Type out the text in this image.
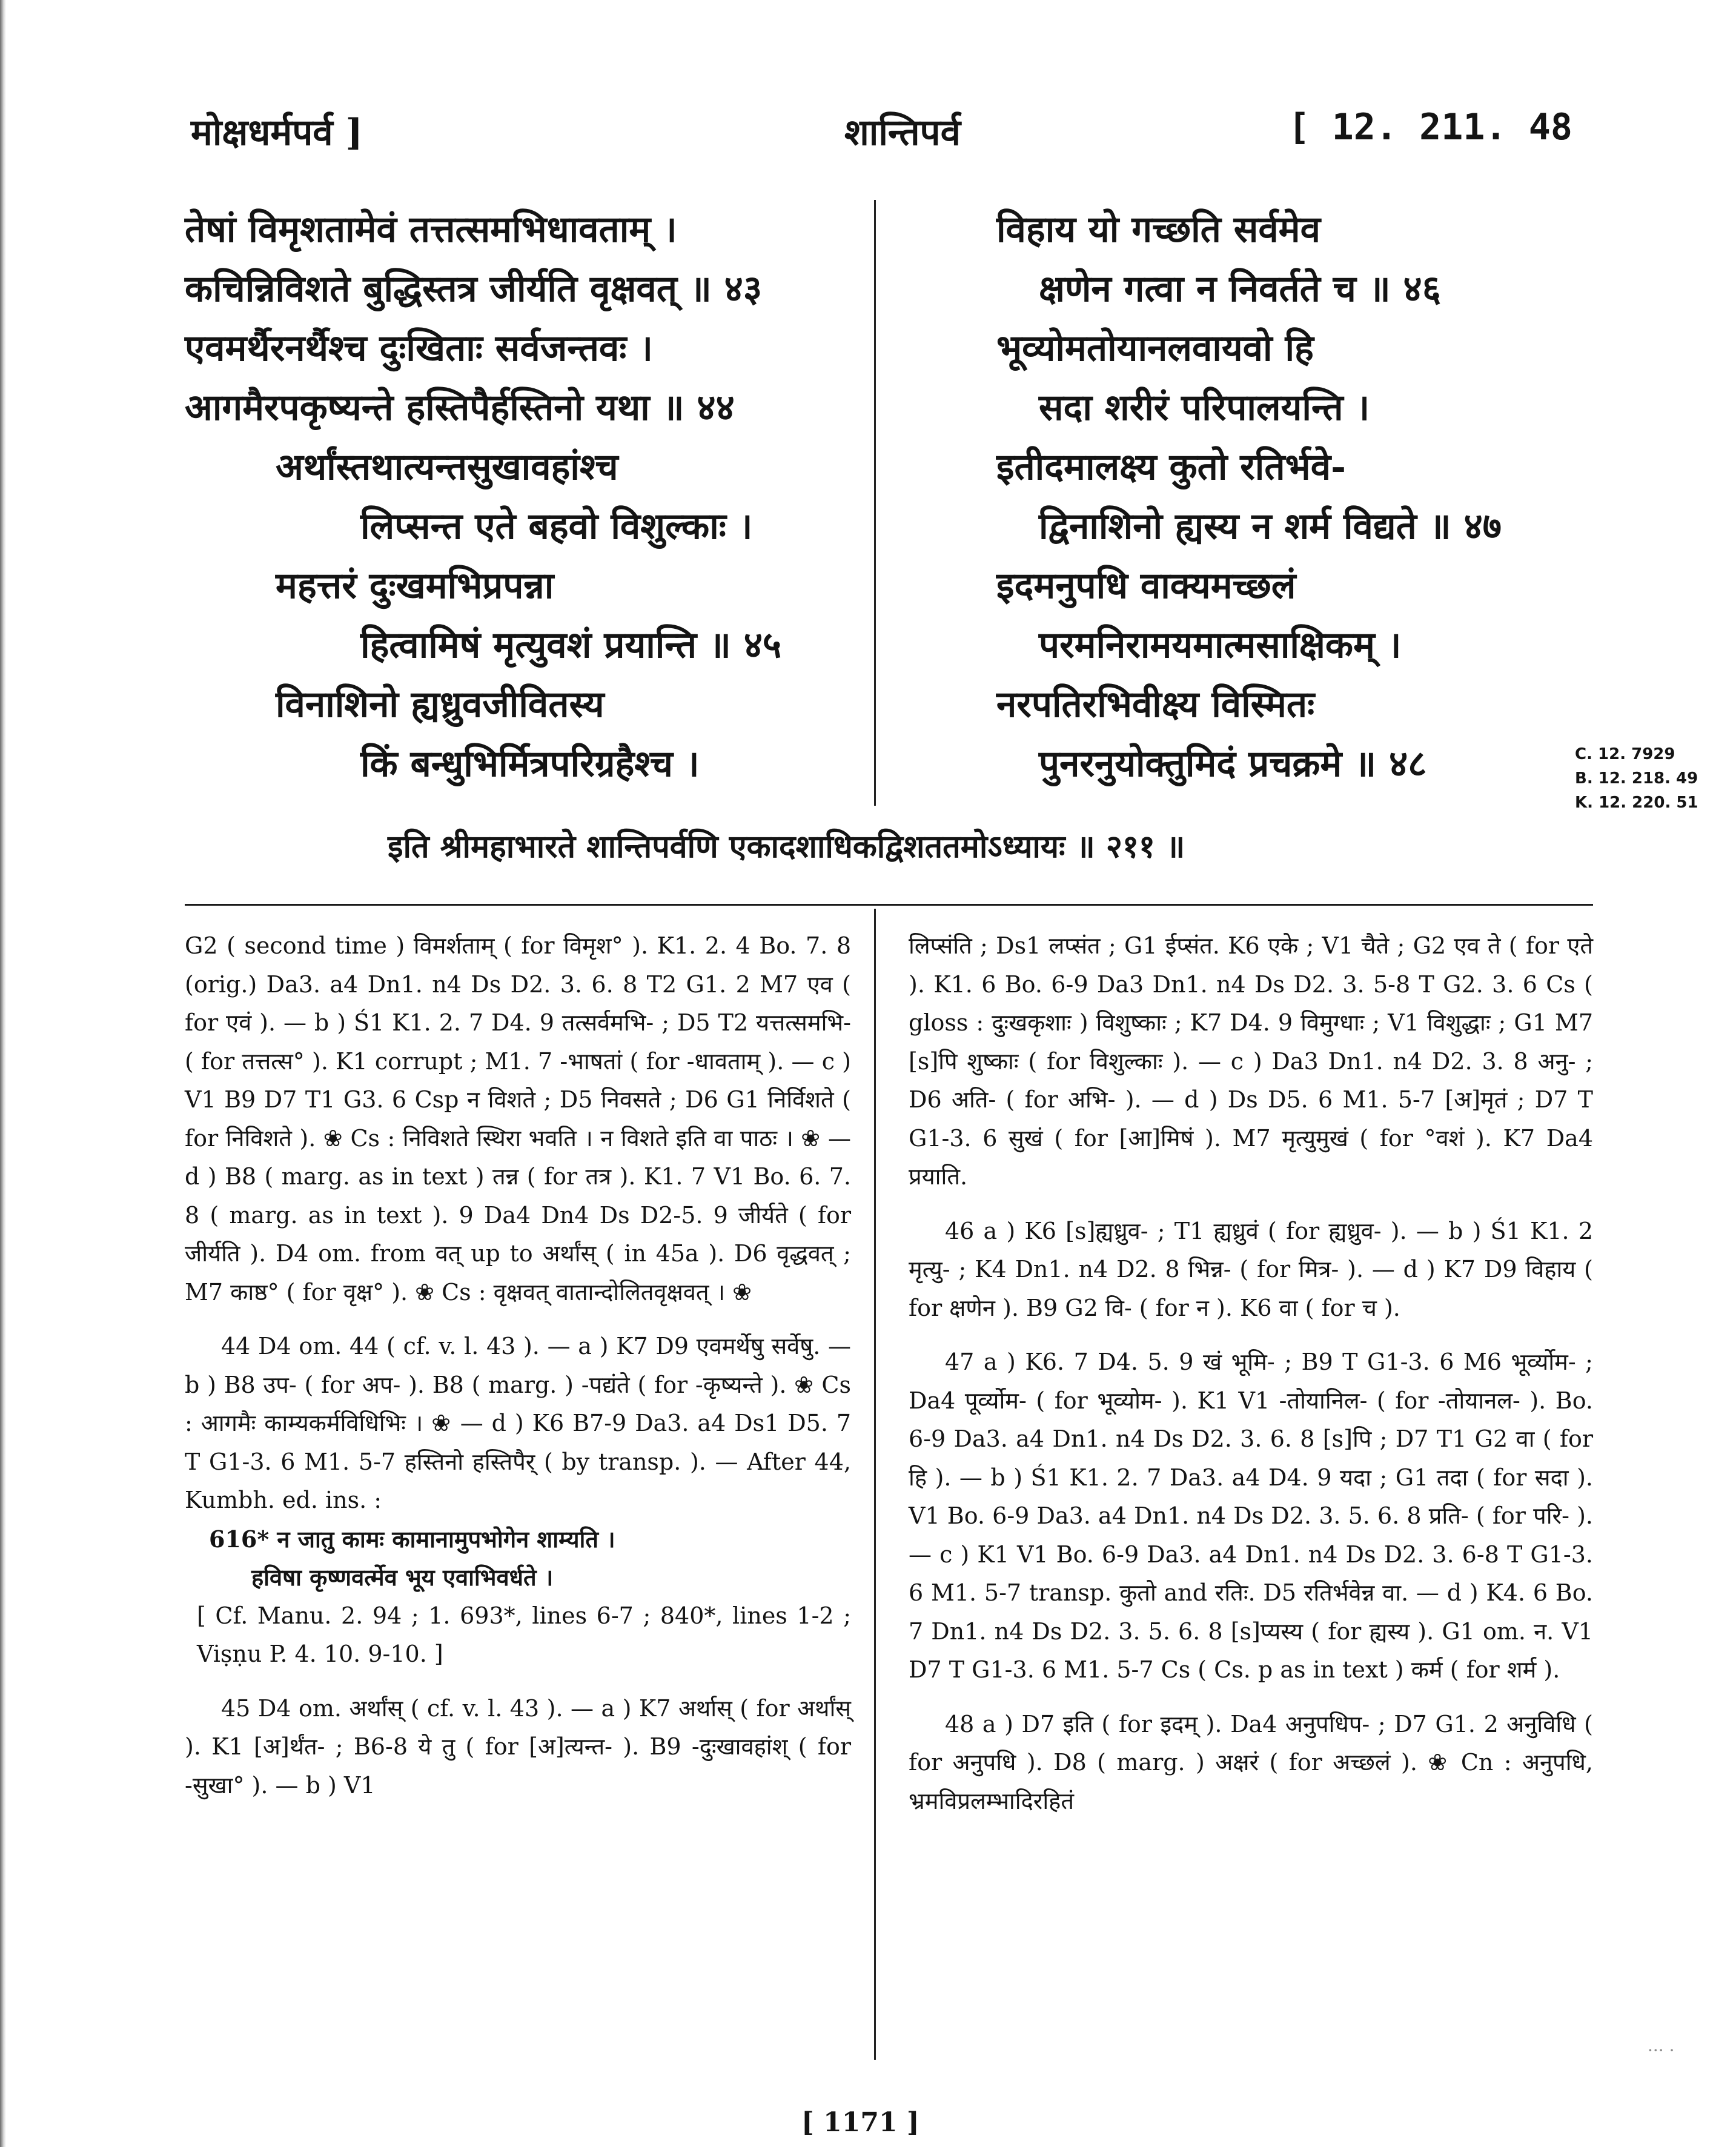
मोक्षधर्मपर्व ]	शान्तिपर्व	[ 12. 211. 48
तेषां विमृशतामेवं तत्तत्समभिधावताम् ।
कचिन्निविशते बुद्धिस्तत्र जीर्यति वृक्षवत् ॥ ४३
एवमर्थैरनर्थैश्च दुःखिताः सर्वजन्तवः ।
आगमैरपकृष्यन्ते हस्तिपैर्हस्तिनो यथा ॥ ४४
अर्थांस्तथात्यन्तसुखावहांश्च
लिप्सन्त एते बहवो विशुल्काः ।
महत्तरं दुःखमभिप्रपन्ना
हित्वामिषं मृत्युवशं प्रयान्ति ॥ ४५
विनाशिनो ह्यध्रुवजीवितस्य
किं बन्धुभिर्मित्रपरिग्रहैश्च ।
विहाय यो गच्छति सर्वमेव
क्षणेन गत्वा न निवर्तते च ॥ ४६
भूव्योमतोयानलवायवो हि
सदा शरीरं परिपालयन्ति ।
इतीदमालक्ष्य कुतो रतिर्भवे-
द्विनाशिनो ह्यस्य न शर्म विद्यते ॥ ४७
इदमनुपधि वाक्यमच्छलं
परमनिरामयमात्मसाक्षिकम् ।
नरपतिरभिवीक्ष्य विस्मितः
पुनरनुयोक्तुमिदं प्रचक्रमे ॥ ४८	C. 12. 7929
B. 12. 218. 49
K. 12. 220. 51
इति श्रीमहाभारते शान्तिपर्वणि एकादशाधिकद्विशततमोऽध्यायः ॥ २११ ॥
G2 ( second time ) विमर्शताम् ( for विमृश° ). K1. 2. 4 Bo. 7. 8 (orig.) Da3. a4 Dn1. n4 Ds D2. 3. 6. 8 T2 G1. 2 M7 एव ( for एवं ). — b ) Ś1 K1. 2. 7 D4. 9 तत्सर्वमभि- ; D5 T2 यत्तत्समभि- ( for तत्तत्स° ). K1 corrupt ; M1. 7 -भाषतां ( for -धावताम् ). — c ) V1 B9 D7 T1 G3. 6 Csp न विशते ; D5 निवसते ; D6 G1 निर्विशते ( for निविशते ). ❀ Cs : निविशते स्थिरा भवति । न विशते इति वा पाठः । ❀ — d ) B8 ( marg. as in text ) तन्न ( for तत्र ). K1. 7 V1 Bo. 6. 7. 8 ( marg. as in text ). 9 Da4 Dn4 Ds D2-5. 9 जीर्यते ( for जीर्यति ). D4 om. from वत् up to अर्थांस् ( in 45a ). D6 वृद्धवत् ; M7 काष्ठ° ( for वृक्ष° ). ❀ Cs : वृक्षवत् वातान्दोलितवृक्षवत् । ❀
44 D4 om. 44 ( cf. v. l. 43 ). — a ) K7 D9 एवमर्थेषु सर्वेषु. — b ) B8 उप- ( for अप- ). B8 ( marg. ) -पद्यंते ( for -कृष्यन्ते ). ❀ Cs : आगमैः काम्यकर्मविधिभिः । ❀ — d ) K6 B7-9 Da3. a4 Ds1 D5. 7 T G1-3. 6 M1. 5-7 हस्तिनो हस्तिपैर् ( by transp. ). — After 44, Kumbh. ed. ins. :
616* न जातु कामः कामानामुपभोगेन शाम्यति ।
हविषा कृष्णवर्त्मेव भूय एवाभिवर्धते ।
[ Cf. Manu. 2. 94 ; 1. 693*, lines 6-7 ; 840*, lines 1-2 ; Viṣṇu P. 4. 10. 9-10. ]
45 D4 om. अर्थांस् ( cf. v. l. 43 ). — a ) K7 अर्थास् ( for अर्थांस् ). K1 [अ]र्थंत- ; B6-8 ये तु ( for [अ]त्यन्त- ). B9 -दुःखावहांश् ( for -सुखा° ). — b ) V1
लिप्संति ; Ds1 लप्संत ; G1 ईप्संत. K6 एके ; V1 चैते ; G2 एव ते ( for एते ). K1. 6 Bo. 6-9 Da3 Dn1. n4 Ds D2. 3. 5-8 T G2. 3. 6 Cs ( gloss : दुःखकृशाः ) विशुष्काः ; K7 D4. 9 विमुग्धाः ; V1 विशुद्धाः ; G1 M7 [s]पि शुष्काः ( for विशुल्काः ). — c ) Da3 Dn1. n4 D2. 3. 8 अनु- ; D6 अति- ( for अभि- ). — d ) Ds D5. 6 M1. 5-7 [अ]मृतं ; D7 T G1-3. 6 सुखं ( for [आ]मिषं ). M7 मृत्युमुखं ( for °वशं ). K7 Da4 प्रयाति.
46 a ) K6 [s]ह्यध्रुव- ; T1 ह्यध्रुवं ( for ह्यध्रुव- ). — b ) Ś1 K1. 2 मृत्यु- ; K4 Dn1. n4 D2. 8 भिन्न- ( for मित्र- ). — d ) K7 D9 विहाय ( for क्षणेन ). B9 G2 वि- ( for न ). K6 वा ( for च ).
47 a ) K6. 7 D4. 5. 9 खं भूमि- ; B9 T G1-3. 6 M6 भूर्व्योम- ; Da4 पूर्व्योम- ( for भूव्योम- ). K1 V1 -तोयानिल- ( for -तोयानल- ). Bo. 6-9 Da3. a4 Dn1. n4 Ds D2. 3. 6. 8 [s]पि ; D7 T1 G2 वा ( for हि ). — b ) Ś1 K1. 2. 7 Da3. a4 D4. 9 यदा ; G1 तदा ( for सदा ). V1 Bo. 6-9 Da3. a4 Dn1. n4 Ds D2. 3. 5. 6. 8 प्रति- ( for परि- ). — c ) K1 V1 Bo. 6-9 Da3. a4 Dn1. n4 Ds D2. 3. 6-8 T G1-3. 6 M1. 5-7 transp. कुतो and रतिः. D5 रतिर्भवेन्न वा. — d ) K4. 6 Bo. 7 Dn1. n4 Ds D2. 3. 5. 6. 8 [s]प्यस्य ( for ह्यस्य ). G1 om. न. V1 D7 T G1-3. 6 M1. 5-7 Cs ( Cs. p as in text ) कर्म ( for शर्म ).
48 a ) D7 इति ( for इदम् ). Da4 अनुपधिप- ; D7 G1. 2 अनुविधि ( for अनुपधि ). D8 ( marg. ) अक्षरं ( for अच्छलं ). ❀ Cn : अनुपधि, भ्रमविप्रलम्भादिरहितं
[ 1171 ]
··· ·
